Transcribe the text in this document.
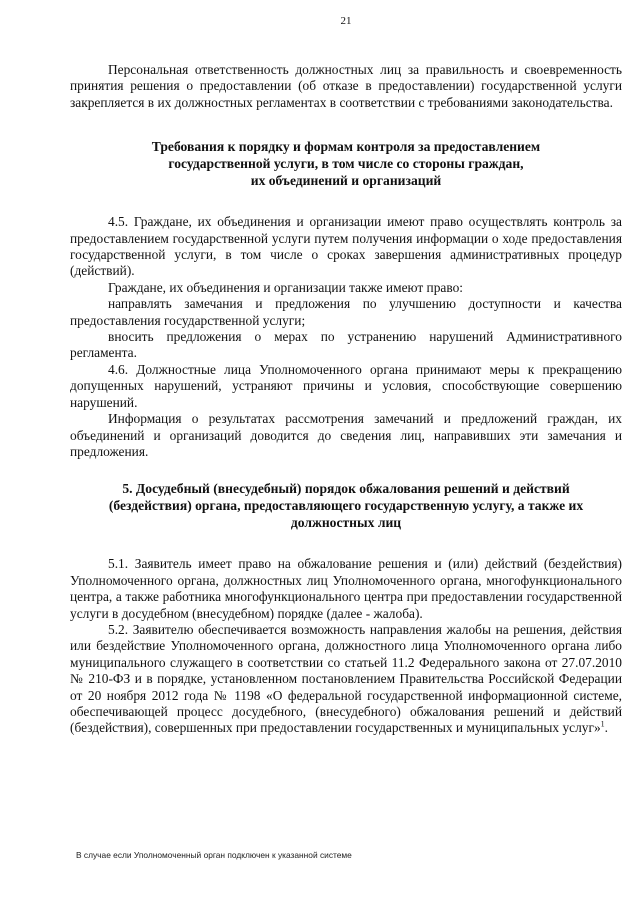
21

Персональная ответственность должностных лиц за правильность и своевременность принятия решения о предоставлении (об отказе в предоставлении) государственной услуги закрепляется в их должностных регламентах в соответствии с требованиями законодательства.

Требования к порядку и формам контроля за предоставлением
государственной услуги, в том числе со стороны граждан,
их объединений и организаций

4.5. Граждане, их объединения и организации имеют право осуществлять контроль за предоставлением государственной услуги путем получения информации о ходе предоставления государственной услуги, в том числе о сроках завершения административных процедур (действий).

Граждане, их объединения и организации также имеют право:

направлять замечания и предложения по улучшению доступности и качества предоставления государственной услуги;

вносить предложения о мерах по устранению нарушений Административного регламента.

4.6. Должностные лица Уполномоченного органа принимают меры к прекращению допущенных нарушений, устраняют причины и условия, способствующие совершению нарушений.

Информация о результатах рассмотрения замечаний и предложений граждан, их объединений и организаций доводится до сведения лиц, направивших эти замечания и предложения.

5. Досудебный (внесудебный) порядок обжалования решений и действий
(бездействия) органа, предоставляющего государственную услугу, а также их
должностных лиц

5.1. Заявитель имеет право на обжалование решения и (или) действий (бездействия) Уполномоченного органа, должностных лиц Уполномоченного органа, многофункционального центра, а также работника многофункционального центра при предоставлении государственной услуги в досудебном (внесудебном) порядке (далее - жалоба).

5.2. Заявителю обеспечивается возможность направления жалобы на решения, действия или бездействие Уполномоченного органа, должностного лица Уполномоченного органа либо муниципального служащего в соответствии со статьей 11.2 Федерального закона от 27.07.2010 № 210-ФЗ и в порядке, установленном постановлением Правительства Российской Федерации от 20 ноября 2012 года № 1198 «О федеральной государственной информационной системе, обеспечивающей процесс досудебного, (внесудебного) обжалования решений и действий (бездействия), совершенных при предоставлении государственных и муниципальных услуг»$^1$.

В случае если Уполномоченный орган подключен к указанной системе
